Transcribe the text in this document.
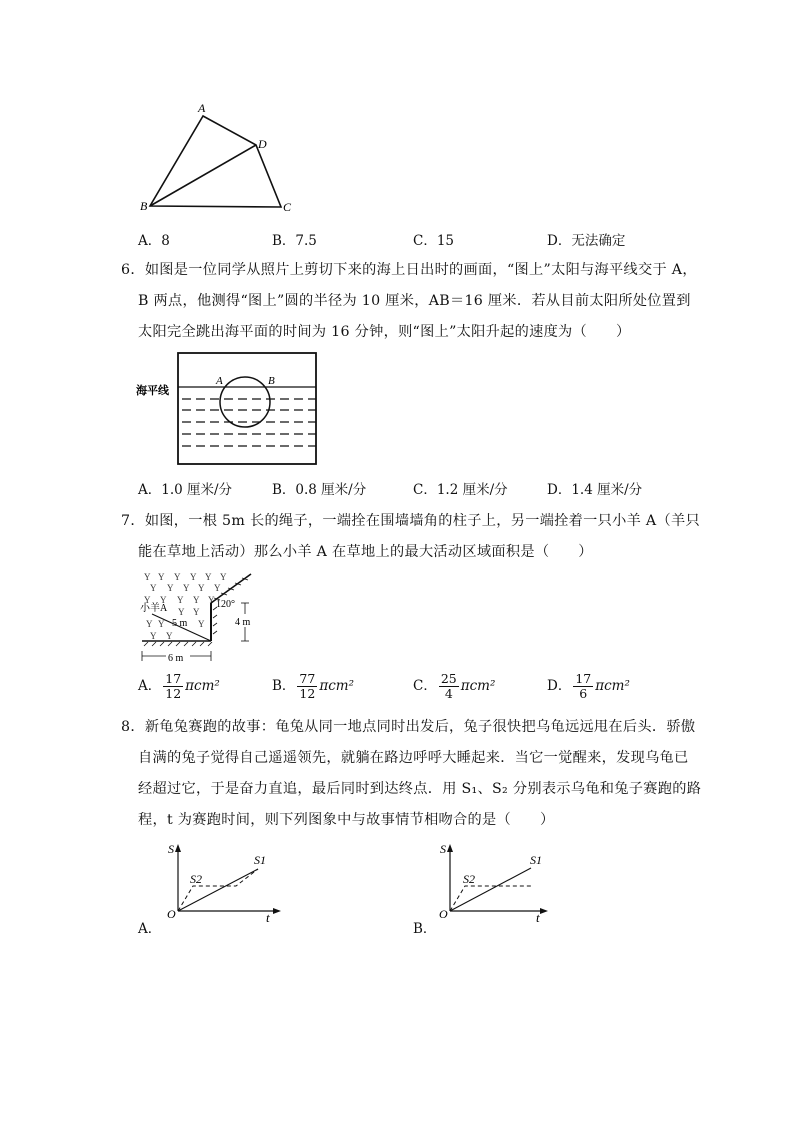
A
D
B	C
A．8	B．7.5	C．15	D．无法确定
6．如图是一位同学从照片上剪切下来的海上日出时的画面，“图上”太阳与海平线交于 A，
B 两点，他测得“图上”圆的半径为 10 厘米，AB＝16 厘米．若从目前太阳所处位置到
太阳完全跳出海平面的时间为 16 分钟，则“图上”太阳升起的速度为（　　）
海平线
A	B
A．1.0 厘米/分	B．0.8 厘米/分	C．1.2 厘米/分	D．1.4 厘米/分
7．如图，一根 5m 长的绳子，一端拴在围墙墙角的柱子上，另一端拴着一只小羊 A（羊只
能在草地上活动）那么小羊 A 在草地上的最大活动区域面积是（　　）
Y Y Y Y Y Y
Y Y Y Y Y
Y Y Y Y Y
Y Y
Y Y	Y
Y Y
小羊A
5 m
120°
4 m
6 m
A． $\frac{17}{12} \pi cm^2$	B． $\frac{77}{12} \pi cm^2$	C． $\frac{25}{4} \pi cm^2$	D． $\frac{17}{6} \pi cm^2$
8．新龟兔赛跑的故事：龟兔从同一地点同时出发后，兔子很快把乌龟远远甩在后头．骄傲
自满的兔子觉得自己遥遥领先，就躺在路边呼呼大睡起来．当它一觉醒来，发现乌龟已
经超过它，于是奋力直追，最后同时到达终点．用 S₁、S₂ 分别表示乌龟和兔子赛跑的路
程，t 为赛跑时间，则下列图象中与故事情节相吻合的是（　　）
S
t
O
S1
S2
A．
S
t
O
S1
S2
B．
